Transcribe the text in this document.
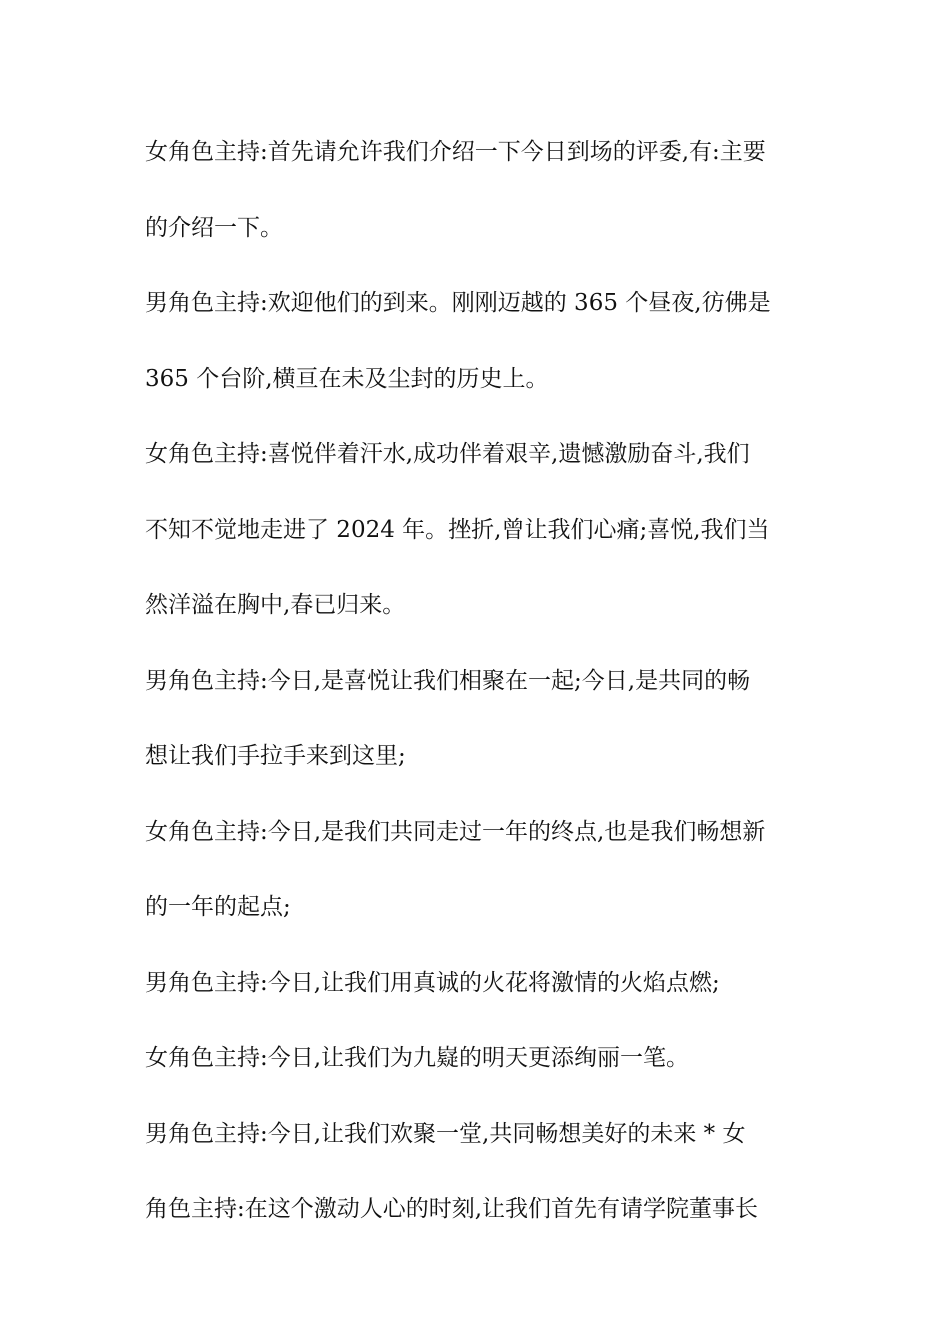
女角色主持:首先请允许我们介绍一下今日到场的评委,有:主要
的介绍一下。
男角色主持:欢迎他们的到来。刚刚迈越的 365 个昼夜,彷佛是
365 个台阶,横亘在未及尘封的历史上。
女角色主持:喜悦伴着汗水,成功伴着艰辛,遗憾激励奋斗,我们
不知不觉地走进了 2024 年。挫折,曾让我们心痛;喜悦,我们当
然洋溢在胸中,春已归来。
男角色主持:今日,是喜悦让我们相聚在一起;今日,是共同的畅
想让我们手拉手来到这里;
女角色主持:今日,是我们共同走过一年的终点,也是我们畅想新
的一年的起点;
男角色主持:今日,让我们用真诚的火花将激情的火焰点燃;
女角色主持:今日,让我们为九嶷的明天更添绚丽一笔。
男角色主持:今日,让我们欢聚一堂,共同畅想美好的未来 * 女
角色主持:在这个激动人心的时刻,让我们首先有请学院董事长
